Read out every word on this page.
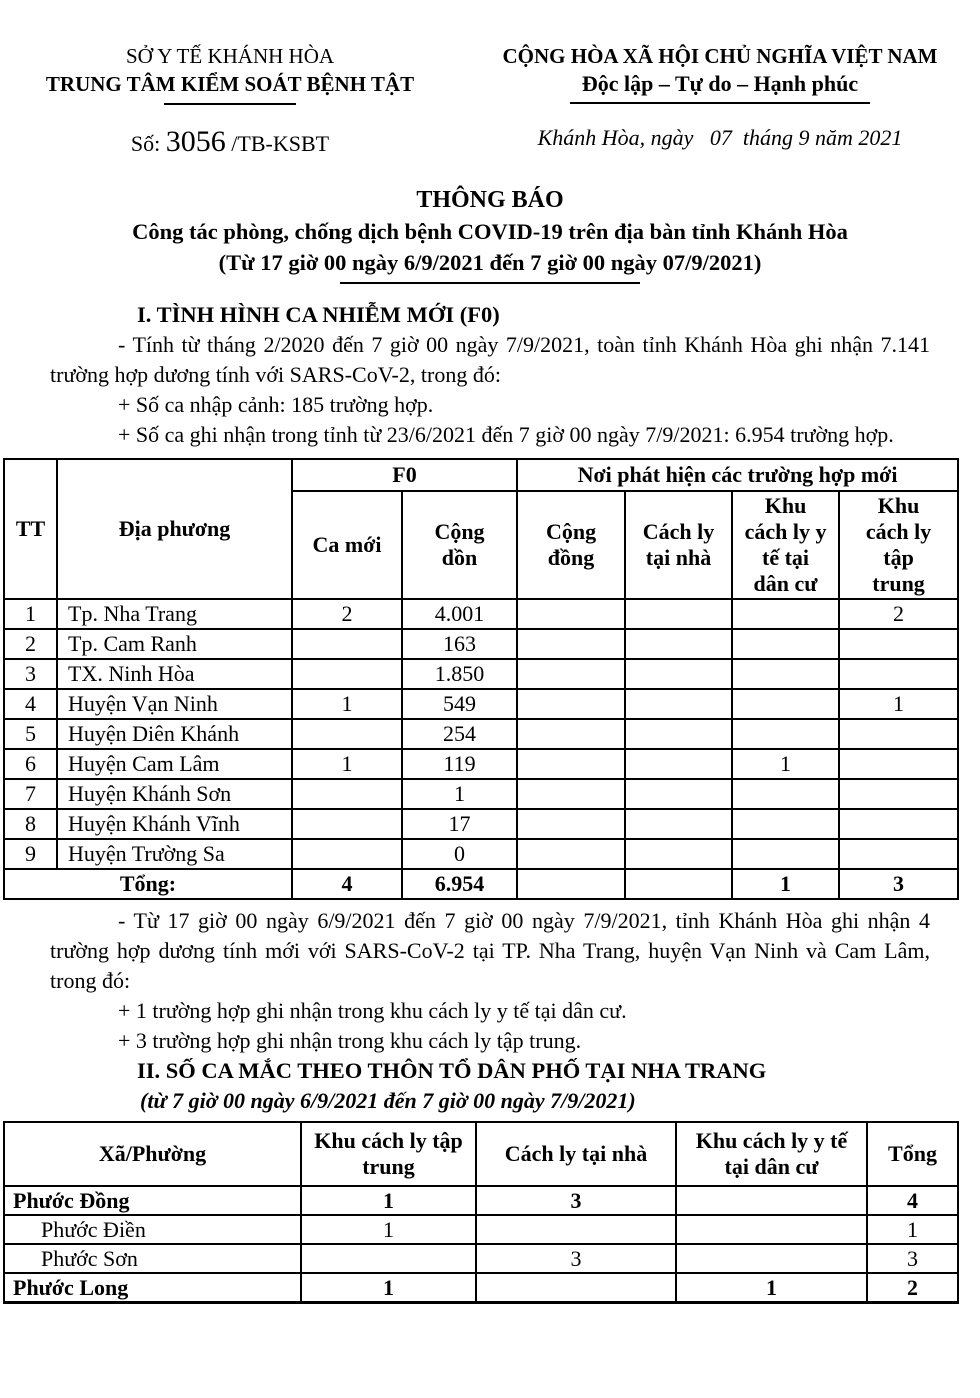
SỞ Y TẾ KHÁNH HÒA
TRUNG TÂM KIỂM SOÁT BỆNH TẬT
CỘNG HÒA XÃ HỘI CHỦ NGHĨA VIỆT NAM
Độc lập – Tự do – Hạnh phúc
Số: 3056 /TB-KSBT	Khánh Hòa, ngày   07  tháng 9 năm 2021
THÔNG BÁO
Công tác phòng, chống dịch bệnh COVID-19 trên địa bàn tỉnh Khánh Hòa
(Từ 17 giờ 00 ngày 6/9/2021 đến 7 giờ 00 ngày 07/9/2021)
I. TÌNH HÌNH CA NHIỄM MỚI (F0)
- Tính từ tháng 2/2020 đến 7 giờ 00 ngày 7/9/2021, toàn tỉnh Khánh Hòa ghi nhận 7.141 trường hợp dương tính với SARS-CoV-2, trong đó:
+ Số ca nhập cảnh: 185 trường hợp.
+ Số ca ghi nhận trong tỉnh từ 23/6/2021 đến 7 giờ 00 ngày 7/9/2021: 6.954 trường hợp.
TT	Địa phương	F0		Nơi phát hiện các trường hợp mới			
		Ca mới	Cộng dồn	Cộng đồng	Cách ly tại nhà	Khu cách ly y tế tại dân cư	Khu cách ly tập trung
1	Tp. Nha Trang	2	4.001				2
2	Tp. Cam Ranh		163				
3	TX. Ninh Hòa		1.850				
4	Huyện Vạn Ninh	1	549				1
5	Huyện Diên Khánh		254				
6	Huyện Cam Lâm	1	119			1	
7	Huyện Khánh Sơn		1				
8	Huyện Khánh Vĩnh		17				
9	Huyện Trường Sa		0				
Tổng:		4	6.954			1	3
- Từ 17 giờ 00 ngày 6/9/2021 đến 7 giờ 00 ngày 7/9/2021, tỉnh Khánh Hòa ghi nhận 4 trường hợp dương tính mới với SARS-CoV-2 tại TP. Nha Trang, huyện Vạn Ninh và Cam Lâm, trong đó:
+ 1 trường hợp ghi nhận trong khu cách ly y tế tại dân cư.
+ 3 trường hợp ghi nhận trong khu cách ly tập trung.
II. SỐ CA MẮC THEO THÔN TỔ DÂN PHỐ TẠI NHA TRANG
(từ 7 giờ 00 ngày 6/9/2021 đến 7 giờ 00 ngày 7/9/2021)
Xã/Phường	Khu cách ly tập trung	Cách ly tại nhà	Khu cách ly y tế tại dân cư	Tổng
Phước Đồng	1	3		4
Phước Điền	1			1
Phước Sơn		3		3
Phước Long	1		1	2
